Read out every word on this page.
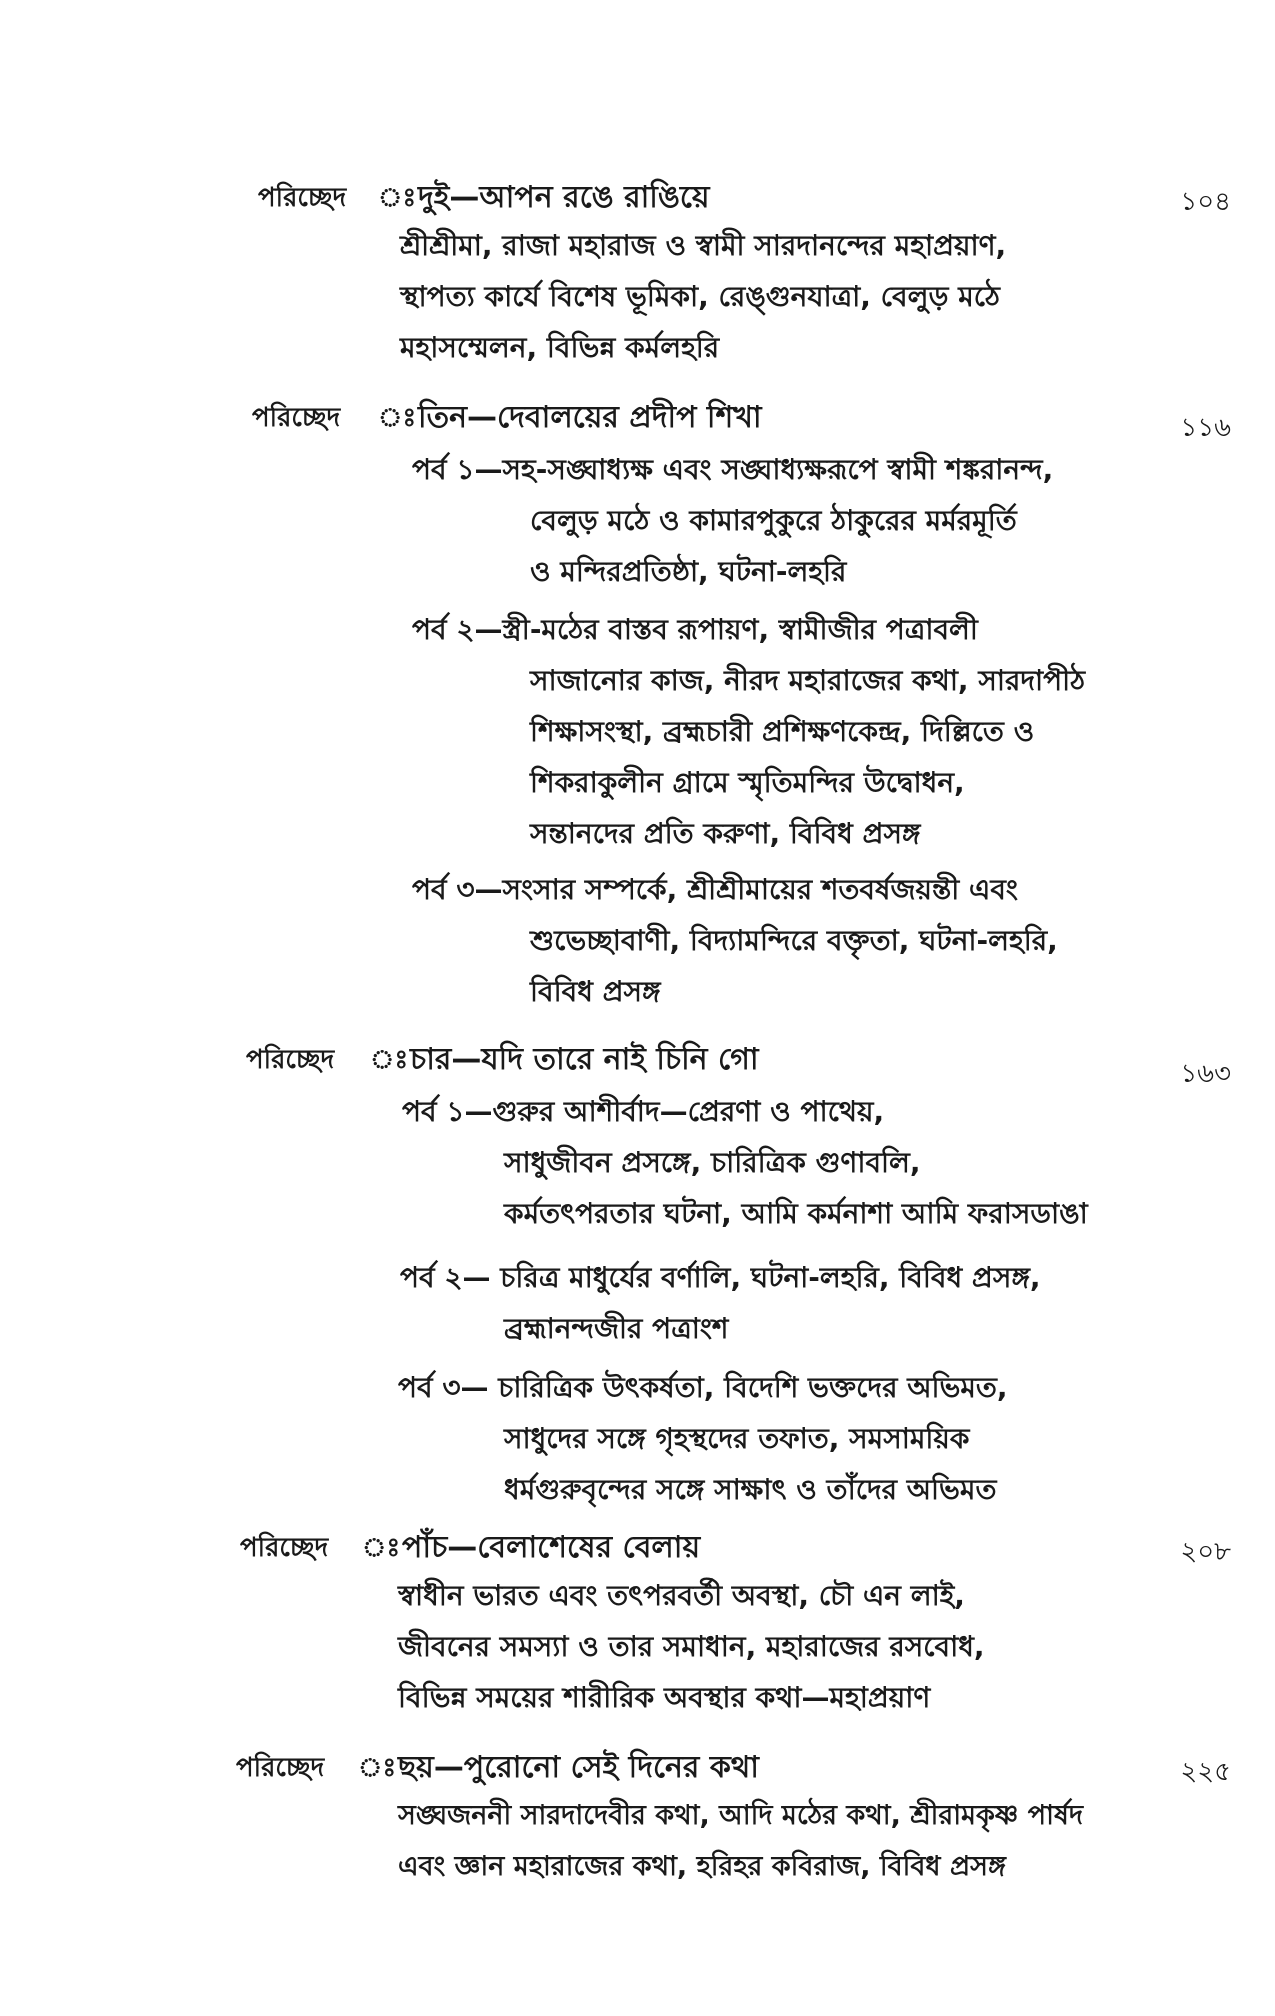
পরিচ্ছেদ ঃ দুই—আপন রঙে রাঙিয়ে	১০৪
শ্রীশ্রীমা, রাজা মহারাজ ও স্বামী সারদানন্দের মহাপ্রয়াণ,
স্থাপত্য কার্যে বিশেষ ভূমিকা, রেঙ্গুনযাত্রা, বেলুড় মঠে
মহাসম্মেলন, বিভিন্ন কর্মলহরি
পরিচ্ছেদ ঃ তিন—দেবালয়ের প্রদীপ শিখা	১১৬
পর্ব ১—সহ-সঙ্ঘাধ্যক্ষ এবং সঙ্ঘাধ্যক্ষরূপে স্বামী শঙ্করানন্দ,
বেলুড় মঠে ও কামারপুকুরে ঠাকুরের মর্মরমূর্তি
ও মন্দিরপ্রতিষ্ঠা, ঘটনা-লহরি
পর্ব ২—স্ত্রী-মঠের বাস্তব রূপায়ণ, স্বামীজীর পত্রাবলী
সাজানোর কাজ, নীরদ মহারাজের কথা, সারদাপীঠ
শিক্ষাসংস্থা, ব্রহ্মচারী প্রশিক্ষণকেন্দ্র, দিল্লিতে ও
শিকরাকুলীন গ্রামে স্মৃতিমন্দির উদ্বোধন,
সন্তানদের প্রতি করুণা, বিবিধ প্রসঙ্গ
পর্ব ৩—সংসার সম্পর্কে, শ্রীশ্রীমায়ের শতবর্ষজয়ন্তী এবং
শুভেচ্ছাবাণী, বিদ্যামন্দিরে বক্তৃতা, ঘটনা-লহরি,
বিবিধ প্রসঙ্গ
পরিচ্ছেদ ঃ চার—যদি তারে নাই চিনি গো	১৬৩
পর্ব ১—গুরুর আশীর্বাদ—প্রেরণা ও পাথেয়,
সাধুজীবন প্রসঙ্গে, চারিত্রিক গুণাবলি,
কর্মতৎপরতার ঘটনা, আমি কর্মনাশা আমি ফরাসডাঙা
পর্ব ২— চরিত্র মাধুর্যের বর্ণালি, ঘটনা-লহরি, বিবিধ প্রসঙ্গ,
ব্রহ্মানন্দজীর পত্রাংশ
পর্ব ৩— চারিত্রিক উৎকর্ষতা, বিদেশি ভক্তদের অভিমত,
সাধুদের সঙ্গে গৃহস্থদের তফাত, সমসাময়িক
ধর্মগুরুবৃন্দের সঙ্গে সাক্ষাৎ ও তাঁদের অভিমত
পরিচ্ছেদ ঃ পাঁচ—বেলাশেষের বেলায়	২০৮
স্বাধীন ভারত এবং তৎপরবর্তী অবস্থা, চৌ এন লাই,
জীবনের সমস্যা ও তার সমাধান, মহারাজের রসবোধ,
বিভিন্ন সময়ের শারীরিক অবস্থার কথা—মহাপ্রয়াণ
পরিচ্ছেদ ঃ ছয়—পুরোনো সেই দিনের কথা	২২৫
সঙ্ঘজননী সারদাদেবীর কথা, আদি মঠের কথা, শ্রীরামকৃষ্ণ পার্ষদ
এবং জ্ঞান মহারাজের কথা, হরিহর কবিরাজ, বিবিধ প্রসঙ্গ
